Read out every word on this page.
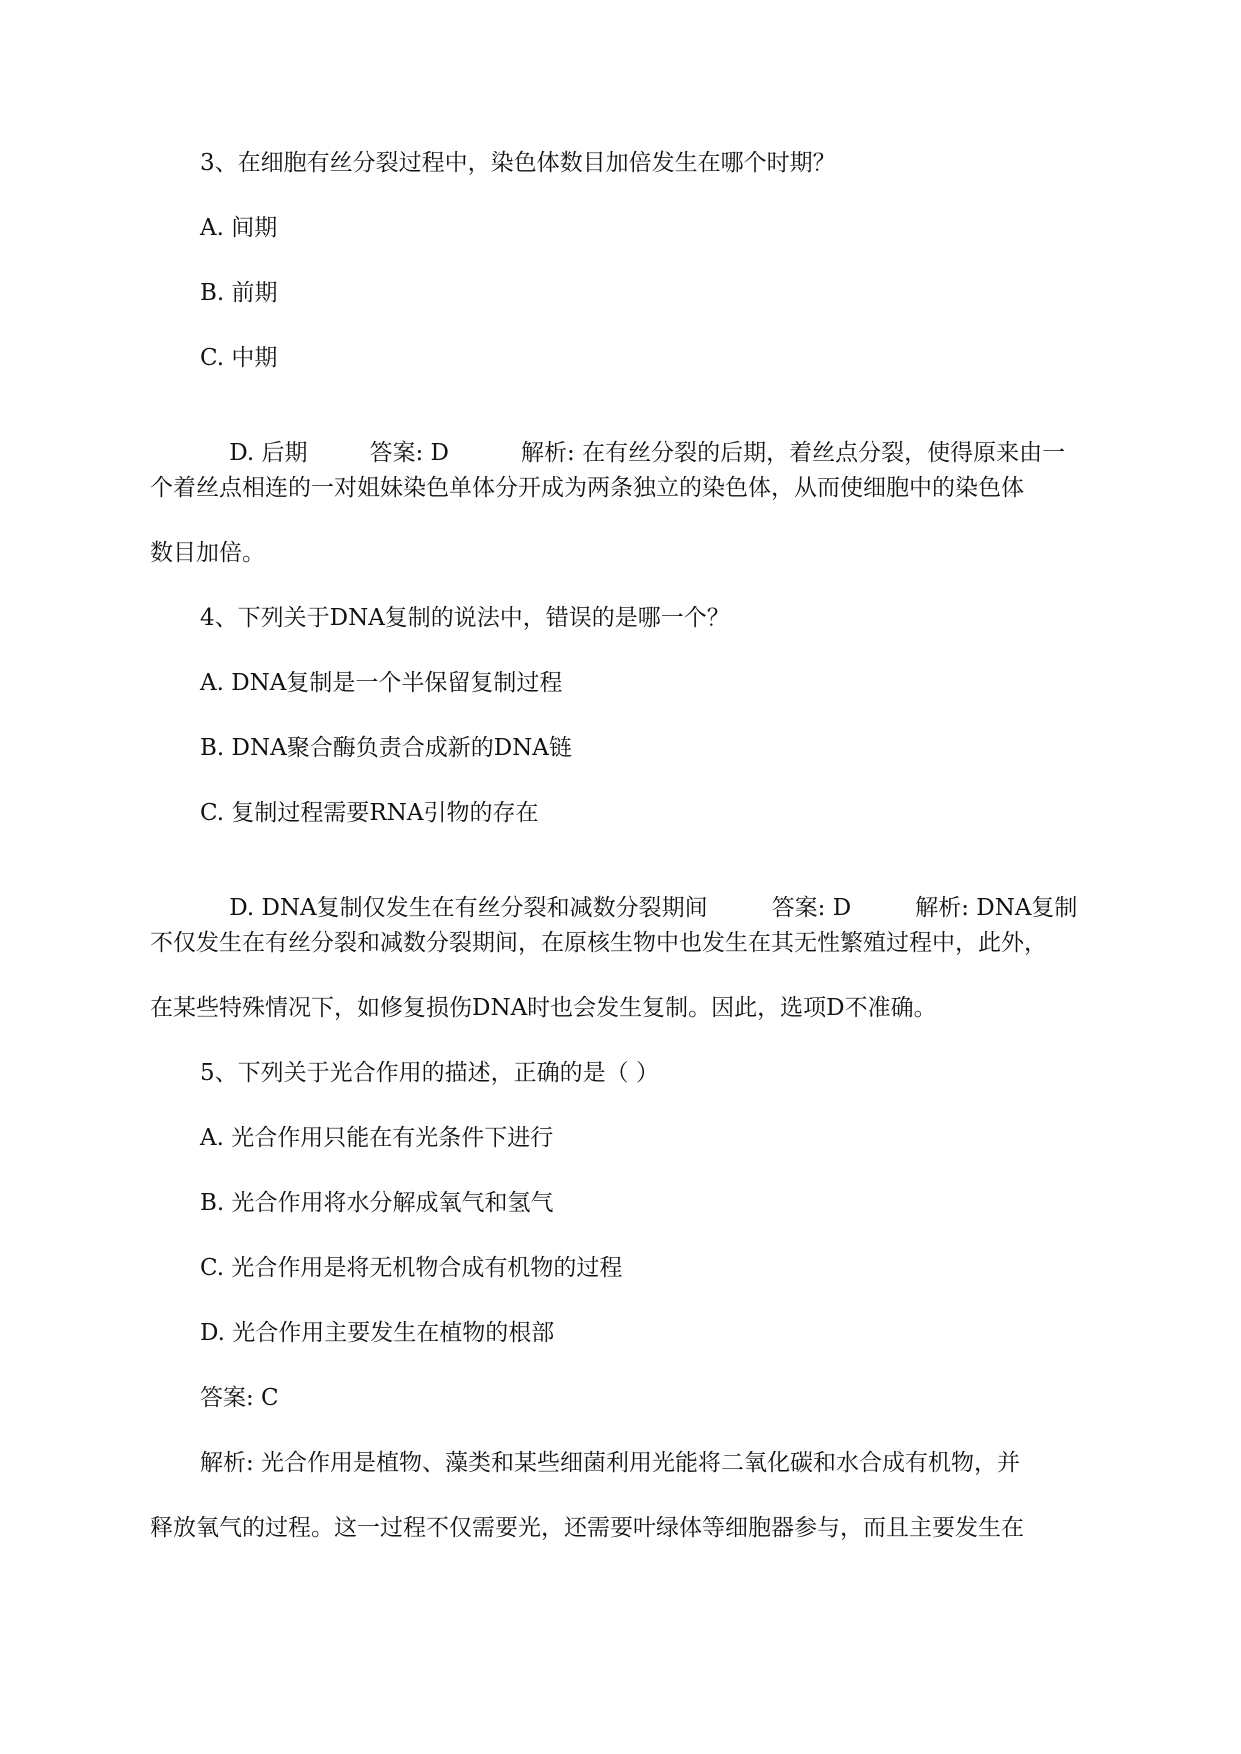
3、在细胞有丝分裂过程中，染色体数目加倍发生在哪个时期？
A. 间期
B. 前期
C. 中期

D. 后期	答案: D	解析: 在有丝分裂的后期，着丝点分裂，使得原来由一

个着丝点相连的一对姐妹染色单体分开成为两条独立的染色体，从而使细胞中的染色体
数目加倍。
4、下列关于DNA复制的说法中，错误的是哪一个？
A. DNA复制是一个半保留复制过程
B. DNA聚合酶负责合成新的DNA链
C. 复制过程需要RNA引物的存在

D. DNA复制仅发生在有丝分裂和减数分裂期间	答案: D	解析: DNA复制

不仅发生在有丝分裂和减数分裂期间，在原核生物中也发生在其无性繁殖过程中，此外，
在某些特殊情况下，如修复损伤DNA时也会发生复制。因此，选项D不准确。
5、下列关于光合作用的描述，正确的是（ ）
A. 光合作用只能在有光条件下进行
B. 光合作用将水分解成氧气和氢气
C. 光合作用是将无机物合成有机物的过程
D. 光合作用主要发生在植物的根部
答案: C
解析: 光合作用是植物、藻类和某些细菌利用光能将二氧化碳和水合成有机物，并
释放氧气的过程。这一过程不仅需要光，还需要叶绿体等细胞器参与，而且主要发生在
